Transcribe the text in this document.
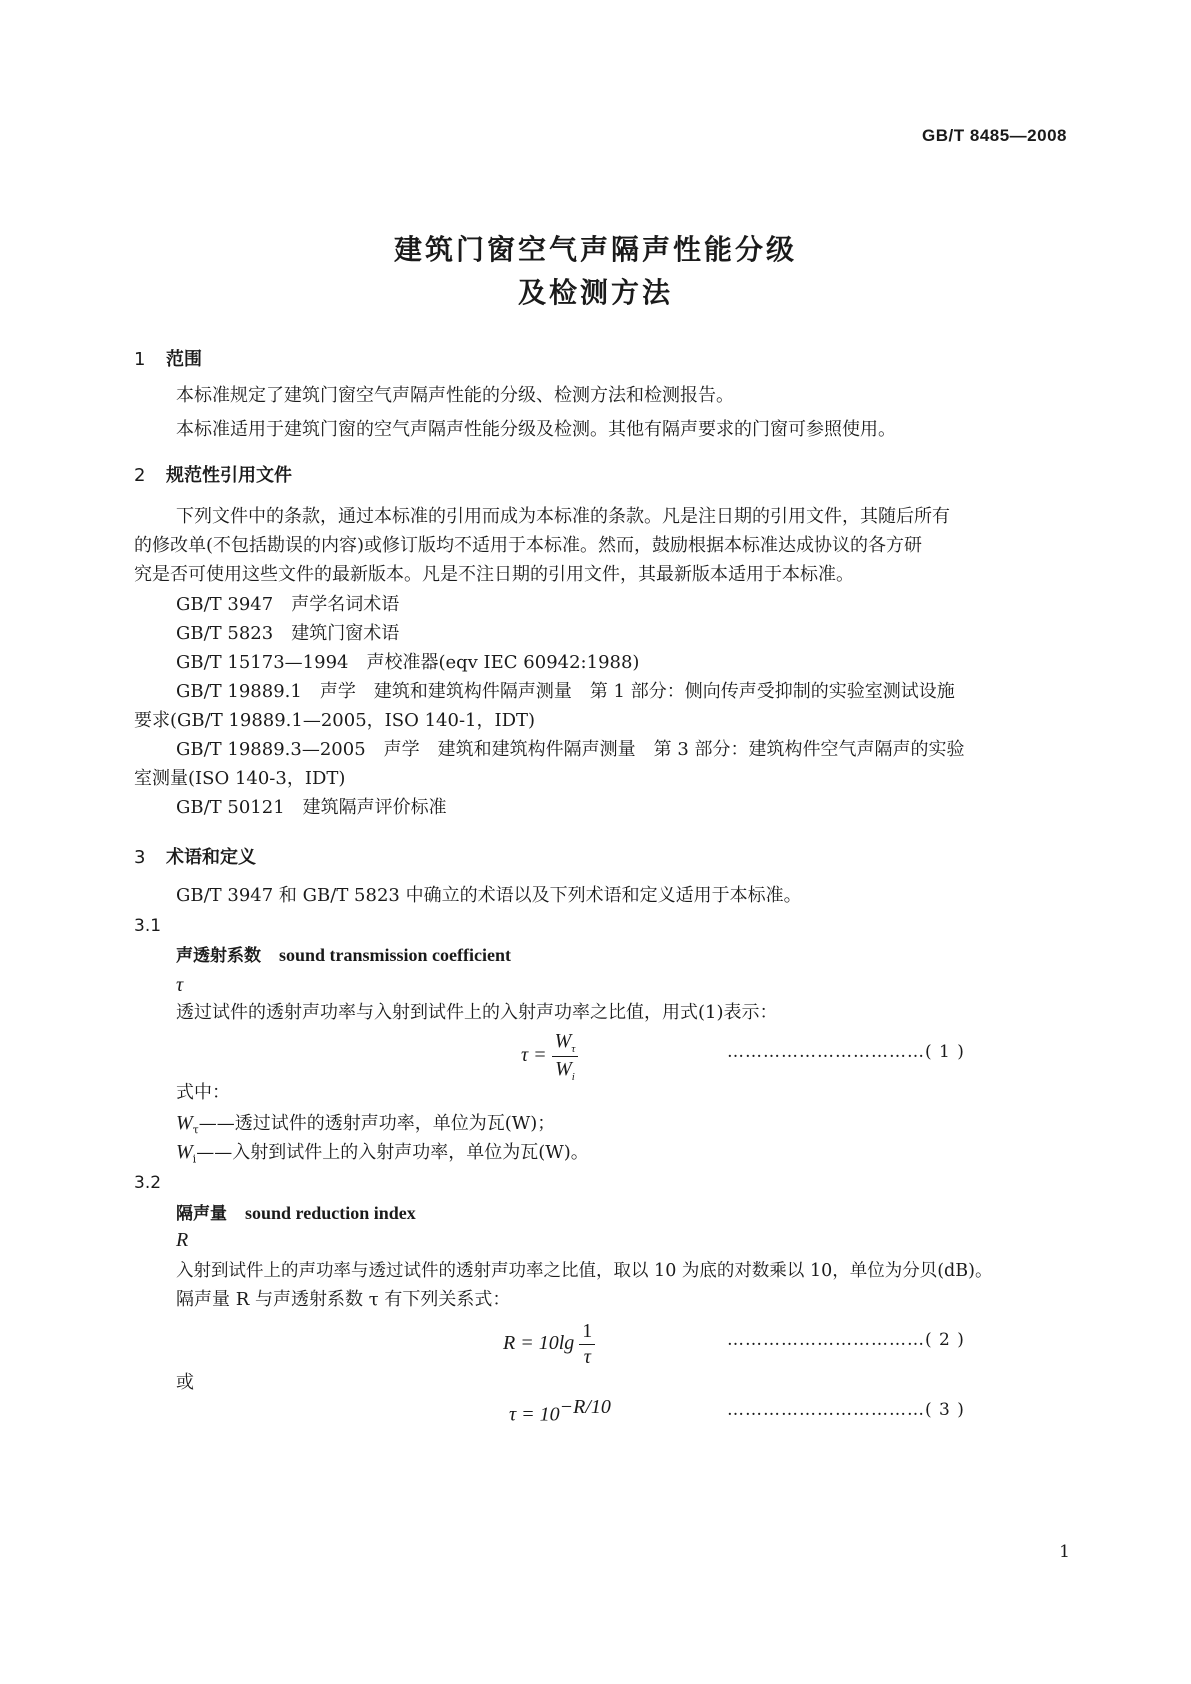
GB/T 8485—2008
建筑门窗空气声隔声性能分级
及检测方法
1 范围
本标准规定了建筑门窗空气声隔声性能的分级、检测方法和检测报告。
本标准适用于建筑门窗的空气声隔声性能分级及检测。其他有隔声要求的门窗可参照使用。
2 规范性引用文件
下列文件中的条款，通过本标准的引用而成为本标准的条款。凡是注日期的引用文件，其随后所有
的修改单(不包括勘误的内容)或修订版均不适用于本标准。然而，鼓励根据本标准达成协议的各方研
究是否可使用这些文件的最新版本。凡是不注日期的引用文件，其最新版本适用于本标准。
GB/T 3947　声学名词术语
GB/T 5823　建筑门窗术语
GB/T 15173—1994　声校准器(eqv IEC 60942:1988)
GB/T 19889.1　声学　建筑和建筑构件隔声测量　第 1 部分：侧向传声受抑制的实验室测试设施
要求(GB/T 19889.1—2005，ISO 140-1，IDT)
GB/T 19889.3—2005　声学　建筑和建筑构件隔声测量　第 3 部分：建筑构件空气声隔声的实验
室测量(ISO 140-3，IDT)
GB/T 50121　建筑隔声评价标准
3 术语和定义
GB/T 3947 和 GB/T 5823 中确立的术语以及下列术语和定义适用于本标准。
3.1
声透射系数 sound transmission coefficient
τ
透过试件的透射声功率与入射到试件上的入射声功率之比值，用式(1)表示：
$\tau = \frac{W_\tau}{W_i}$	……………………………( 1 )
式中：
$W_\tau——$透过试件的透射声功率，单位为瓦(W)；
$W_i——$入射到试件上的入射声功率，单位为瓦(W)。
3.2
隔声量 sound reduction index
R
入射到试件上的声功率与透过试件的透射声功率之比值，取以 10 为底的对数乘以 10，单位为分贝(dB)。
隔声量 R 与声透射系数 τ 有下列关系式：
$R = 10\lg \frac{1}{\tau}$	……………………………( 2 )
或
$\tau = 10^{-R/10}$	……………………………( 3 )
1
